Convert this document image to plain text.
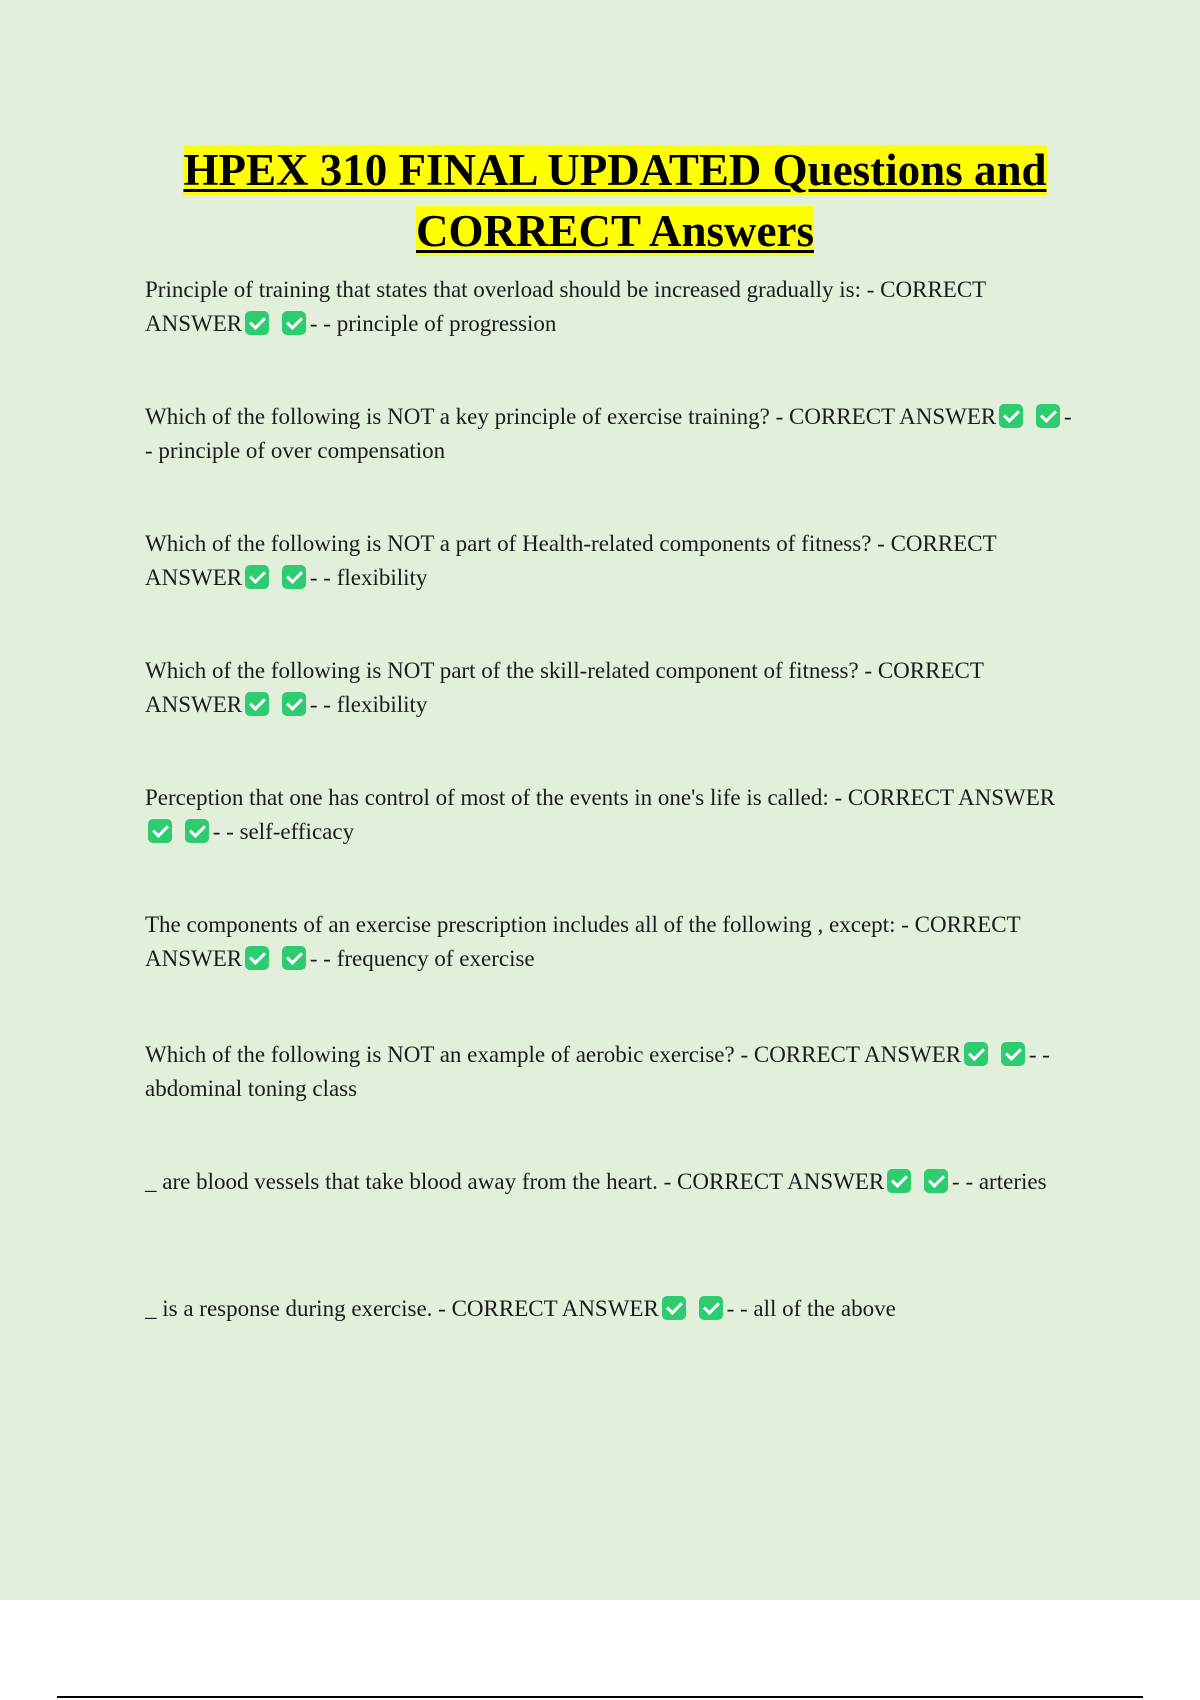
HPEX 310 FINAL UPDATED Questions and CORRECT Answers
Principle of training that states that overload should be increased gradually is: - CORRECT ANSWER	- - principle of progression
Which of the following is NOT a key principle of exercise training? - CORRECT ANSWER	- - principle of over compensation
Which of the following is NOT a part of Health-related components of fitness? - CORRECT ANSWER	- - flexibility
Which of the following is NOT part of the skill-related component of fitness? - CORRECT ANSWER	- - flexibility
Perception that one has control of most of the events in one's life is called: - CORRECT ANSWER - - self-efficacy
The components of an exercise prescription includes all of the following , except: - CORRECT ANSWER	- - frequency of exercise
Which of the following is NOT an example of aerobic exercise? - CORRECT ANSWER	- - abdominal toning class
_ are blood vessels that take blood away from the heart. - CORRECT ANSWER	- - arteries
_ is a response during exercise. - CORRECT ANSWER	- - all of the above
